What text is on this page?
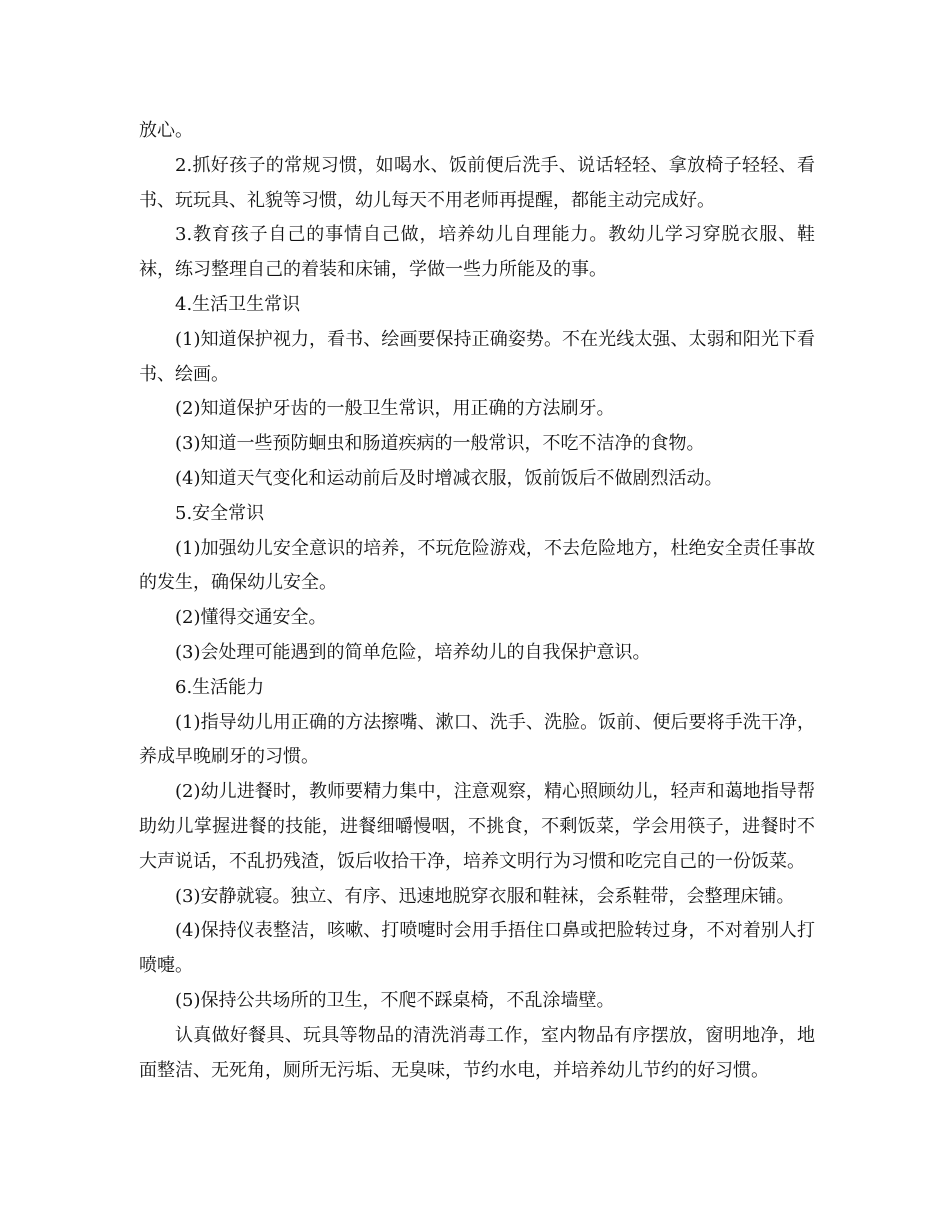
放心。

2.抓好孩子的常规习惯，如喝水、饭前便后洗手、说话轻轻、拿放椅子轻轻、看书、玩玩具、礼貌等习惯，幼儿每天不用老师再提醒，都能主动完成好。

3.教育孩子自己的事情自己做，培养幼儿自理能力。教幼儿学习穿脱衣服、鞋袜，练习整理自己的着装和床铺，学做一些力所能及的事。

4.生活卫生常识

(1)知道保护视力，看书、绘画要保持正确姿势。不在光线太强、太弱和阳光下看书、绘画。

(2)知道保护牙齿的一般卫生常识，用正确的方法刷牙。

(3)知道一些预防蛔虫和肠道疾病的一般常识，不吃不洁净的食物。

(4)知道天气变化和运动前后及时增减衣服，饭前饭后不做剧烈活动。

5.安全常识

(1)加强幼儿安全意识的培养，不玩危险游戏，不去危险地方，杜绝安全责任事故的发生，确保幼儿安全。

(2)懂得交通安全。

(3)会处理可能遇到的简单危险，培养幼儿的自我保护意识。

6.生活能力

(1)指导幼儿用正确的方法擦嘴、漱口、洗手、洗脸。饭前、便后要将手洗干净，养成早晚刷牙的习惯。

(2)幼儿进餐时，教师要精力集中，注意观察，精心照顾幼儿，轻声和蔼地指导帮助幼儿掌握进餐的技能，进餐细嚼慢咽，不挑食，不剩饭菜，学会用筷子，进餐时不大声说话，不乱扔残渣，饭后收拾干净，培养文明行为习惯和吃完自己的一份饭菜。

(3)安静就寝。独立、有序、迅速地脱穿衣服和鞋袜，会系鞋带，会整理床铺。

(4)保持仪表整洁，咳嗽、打喷嚏时会用手捂住口鼻或把脸转过身，不对着别人打喷嚏。

(5)保持公共场所的卫生，不爬不踩桌椅，不乱涂墙壁。

认真做好餐具、玩具等物品的清洗消毒工作，室内物品有序摆放，窗明地净，地面整洁、无死角，厕所无污垢、无臭味，节约水电，并培养幼儿节约的好习惯。
